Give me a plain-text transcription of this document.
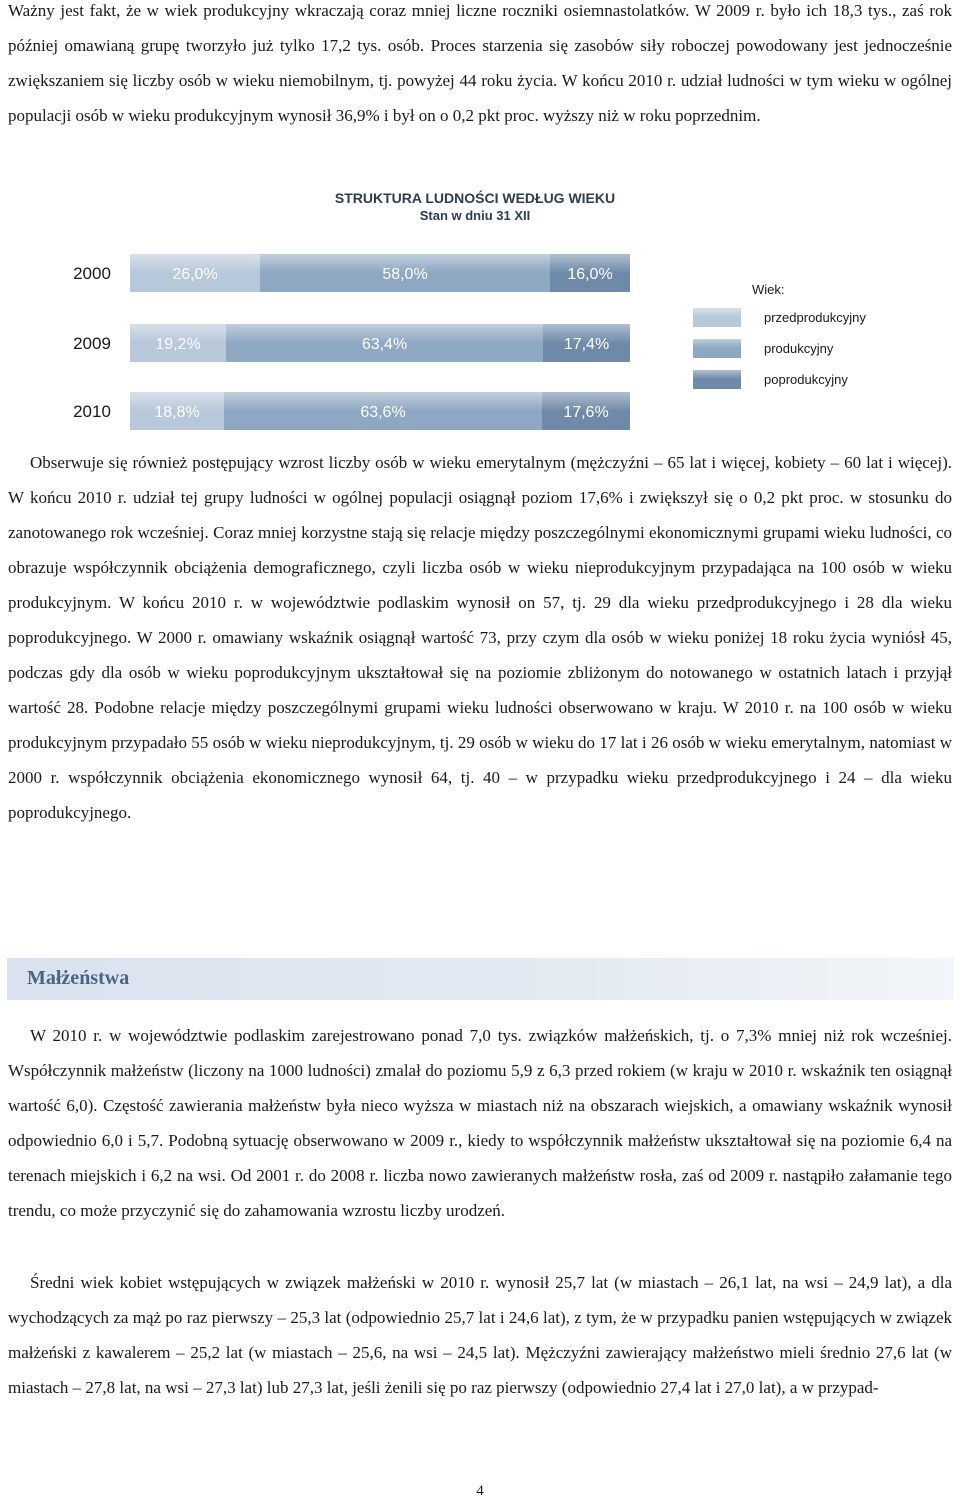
Ważny jest fakt, że w wiek produkcyjny wkraczają coraz mniej liczne roczniki osiemnastolatków. W 2009 r. było ich 18,3 tys., zaś rok później omawianą grupę tworzyło już tylko 17,2 tys. osób. Proces starzenia się zasobów siły roboczej powodowany jest jednocześnie zwiększaniem się liczby osób w wieku niemobilnym, tj. powyżej 44 roku życia. W końcu 2010 r. udział ludności w tym wieku w ogólnej populacji osób w wieku produkcyjnym wynosił 36,9% i był on o 0,2 pkt proc. wyższy niż w roku poprzednim.

STRUKTURA LUDNOŚCI WEDŁUG WIEKU
Stan w dniu 31 XII
2000	26,0%	58,0%	16,0%
2009	19,2%	63,4%	17,4%
2010	18,8%	63,6%	17,6%
Wiek:
przedprodukcyjny
produkcyjny
poprodukcyjny

Obserwuje się również postępujący wzrost liczby osób w wieku emerytalnym (mężczyźni – 65 lat i więcej, kobiety – 60 lat i więcej). W końcu 2010 r. udział tej grupy ludności w ogólnej populacji osiągnął poziom 17,6% i zwiększył się o 0,2 pkt proc. w stosunku do zanotowanego rok wcześniej. Coraz mniej korzystne stają się relacje między poszczególnymi ekonomicznymi grupami wieku ludności, co obrazuje współczynnik obciążenia demograficznego, czyli liczba osób w wieku nieprodukcyjnym przypadająca na 100 osób w wieku produkcyjnym. W końcu 2010 r. w województwie podlaskim wynosił on 57, tj. 29 dla wieku przedprodukcyjnego i 28 dla wieku poprodukcyjnego. W 2000 r. omawiany wskaźnik osiągnął wartość 73, przy czym dla osób w wieku poniżej 18 roku życia wyniósł 45, podczas gdy dla osób w wieku poprodukcyjnym ukształtował się na poziomie zbliżonym do notowanego w ostatnich latach i przyjął wartość 28. Podobne relacje między poszczególnymi grupami wieku ludności obserwowano w kraju. W 2010 r. na 100 osób w wieku produkcyjnym przypadało 55 osób w wieku nieprodukcyjnym, tj. 29 osób w wieku do 17 lat i 26 osób w wieku emerytalnym, natomiast w 2000 r. współczynnik obciążenia ekonomicznego wynosił 64, tj. 40 – w przypadku wieku przedprodukcyjnego i 24 – dla wieku poprodukcyjnego.

Małżeństwa

W 2010 r. w województwie podlaskim zarejestrowano ponad 7,0 tys. związków małżeńskich, tj. o 7,3% mniej niż rok wcześniej. Współczynnik małżeństw (liczony na 1000 ludności) zmalał do poziomu 5,9 z 6,3 przed rokiem (w kraju w 2010 r. wskaźnik ten osiągnął wartość 6,0). Częstość zawierania małżeństw była nieco wyższa w miastach niż na obszarach wiejskich, a omawiany wskaźnik wynosił odpowiednio 6,0 i 5,7. Podobną sytuację obserwowano w 2009 r., kiedy to współczynnik małżeństw ukształtował się na poziomie 6,4 na terenach miejskich i 6,2 na wsi. Od 2001 r. do 2008 r. liczba nowo zawieranych małżeństw rosła, zaś od 2009 r. nastąpiło załamanie tego trendu, co może przyczynić się do zahamowania wzrostu liczby urodzeń.

Średni wiek kobiet wstępujących w związek małżeński w 2010 r. wynosił 25,7 lat (w miastach – 26,1 lat, na wsi – 24,9 lat), a dla wychodzących za mąż po raz pierwszy – 25,3 lat (odpowiednio 25,7 lat i 24,6 lat), z tym, że w przypadku panien wstępujących w związek małżeński z kawalerem – 25,2 lat (w miastach – 25,6, na wsi – 24,5 lat). Mężczyźni zawierający małżeństwo mieli średnio 27,6 lat (w miastach – 27,8 lat, na wsi – 27,3 lat) lub 27,3 lat, jeśli żenili się po raz pierwszy (odpowiednio 27,4 lat i 27,0 lat), a w przypad-

4
